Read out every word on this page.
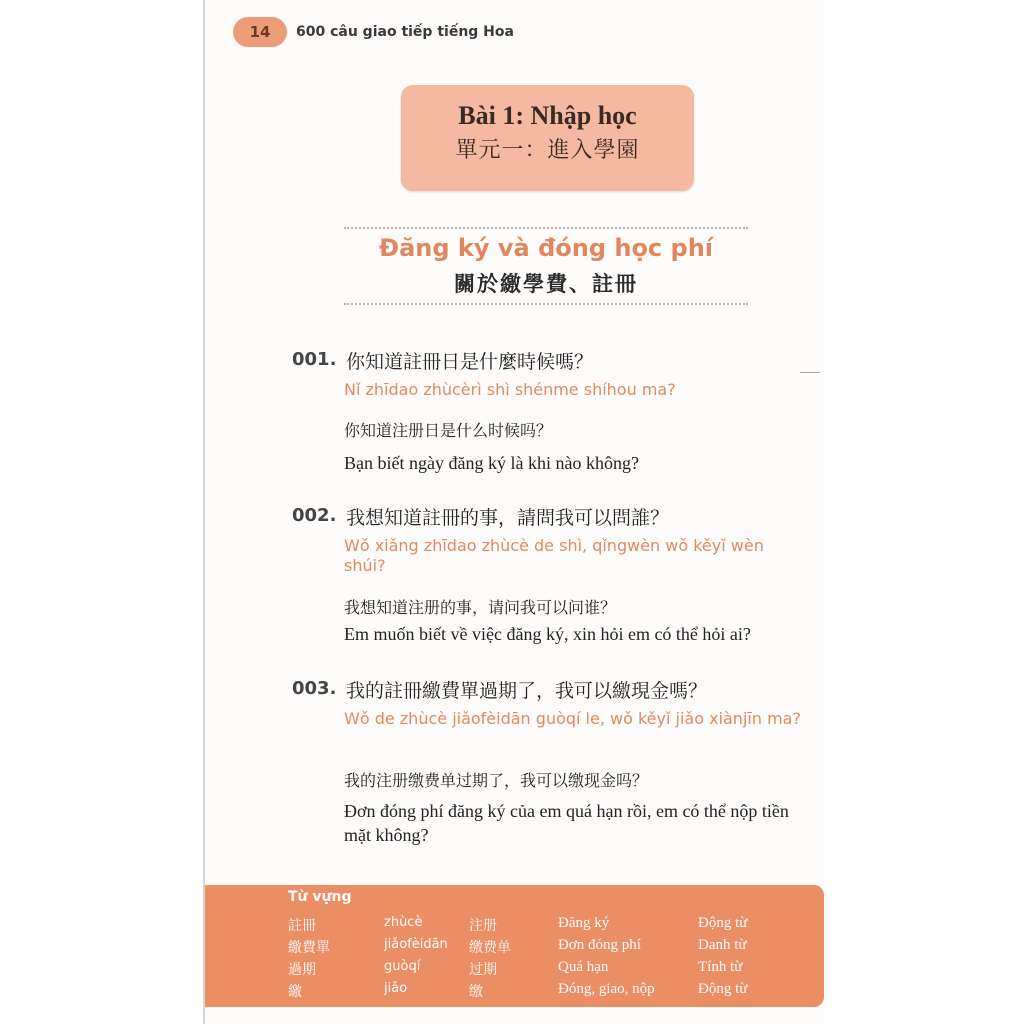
14	600 câu giao tiếp tiếng Hoa
Bài 1: Nhập học
單元一：進入學園
Đăng ký và đóng học phí
關於繳學費、註冊
001. 你知道註冊日是什麼時候嗎？
Nǐ zhīdao zhùcèrì shì shénme shíhou ma?
你知道注册日是什么时候吗？
Bạn biết ngày đăng ký là khi nào không?
002. 我想知道註冊的事，請問我可以問誰？
Wǒ xiǎng zhīdao zhùcè de shì, qǐngwèn wǒ kěyǐ wèn shúi?
我想知道注册的事，请问我可以问谁？
Em muốn biết về việc đăng ký, xin hỏi em có thể hỏi ai?
003. 我的註冊繳費單過期了，我可以繳現金嗎？
Wǒ de zhùcè jiǎofèidān guòqí le, wǒ kěyǐ jiǎo xiànjīn ma?
我的注册缴费单过期了，我可以缴现金吗？
Đơn đóng phí đăng ký của em quá hạn rồi, em có thể nộp tiền mặt không?
Từ vựng
註冊	zhùcè	注册	Đăng ký	Động từ
繳費單	jiǎofèidān 缴费单	Đơn đóng phí	Danh từ
過期	guòqí	过期	Quá hạn	Tính từ
繳	jiǎo	缴	Đóng, giao, nộp	Động từ
